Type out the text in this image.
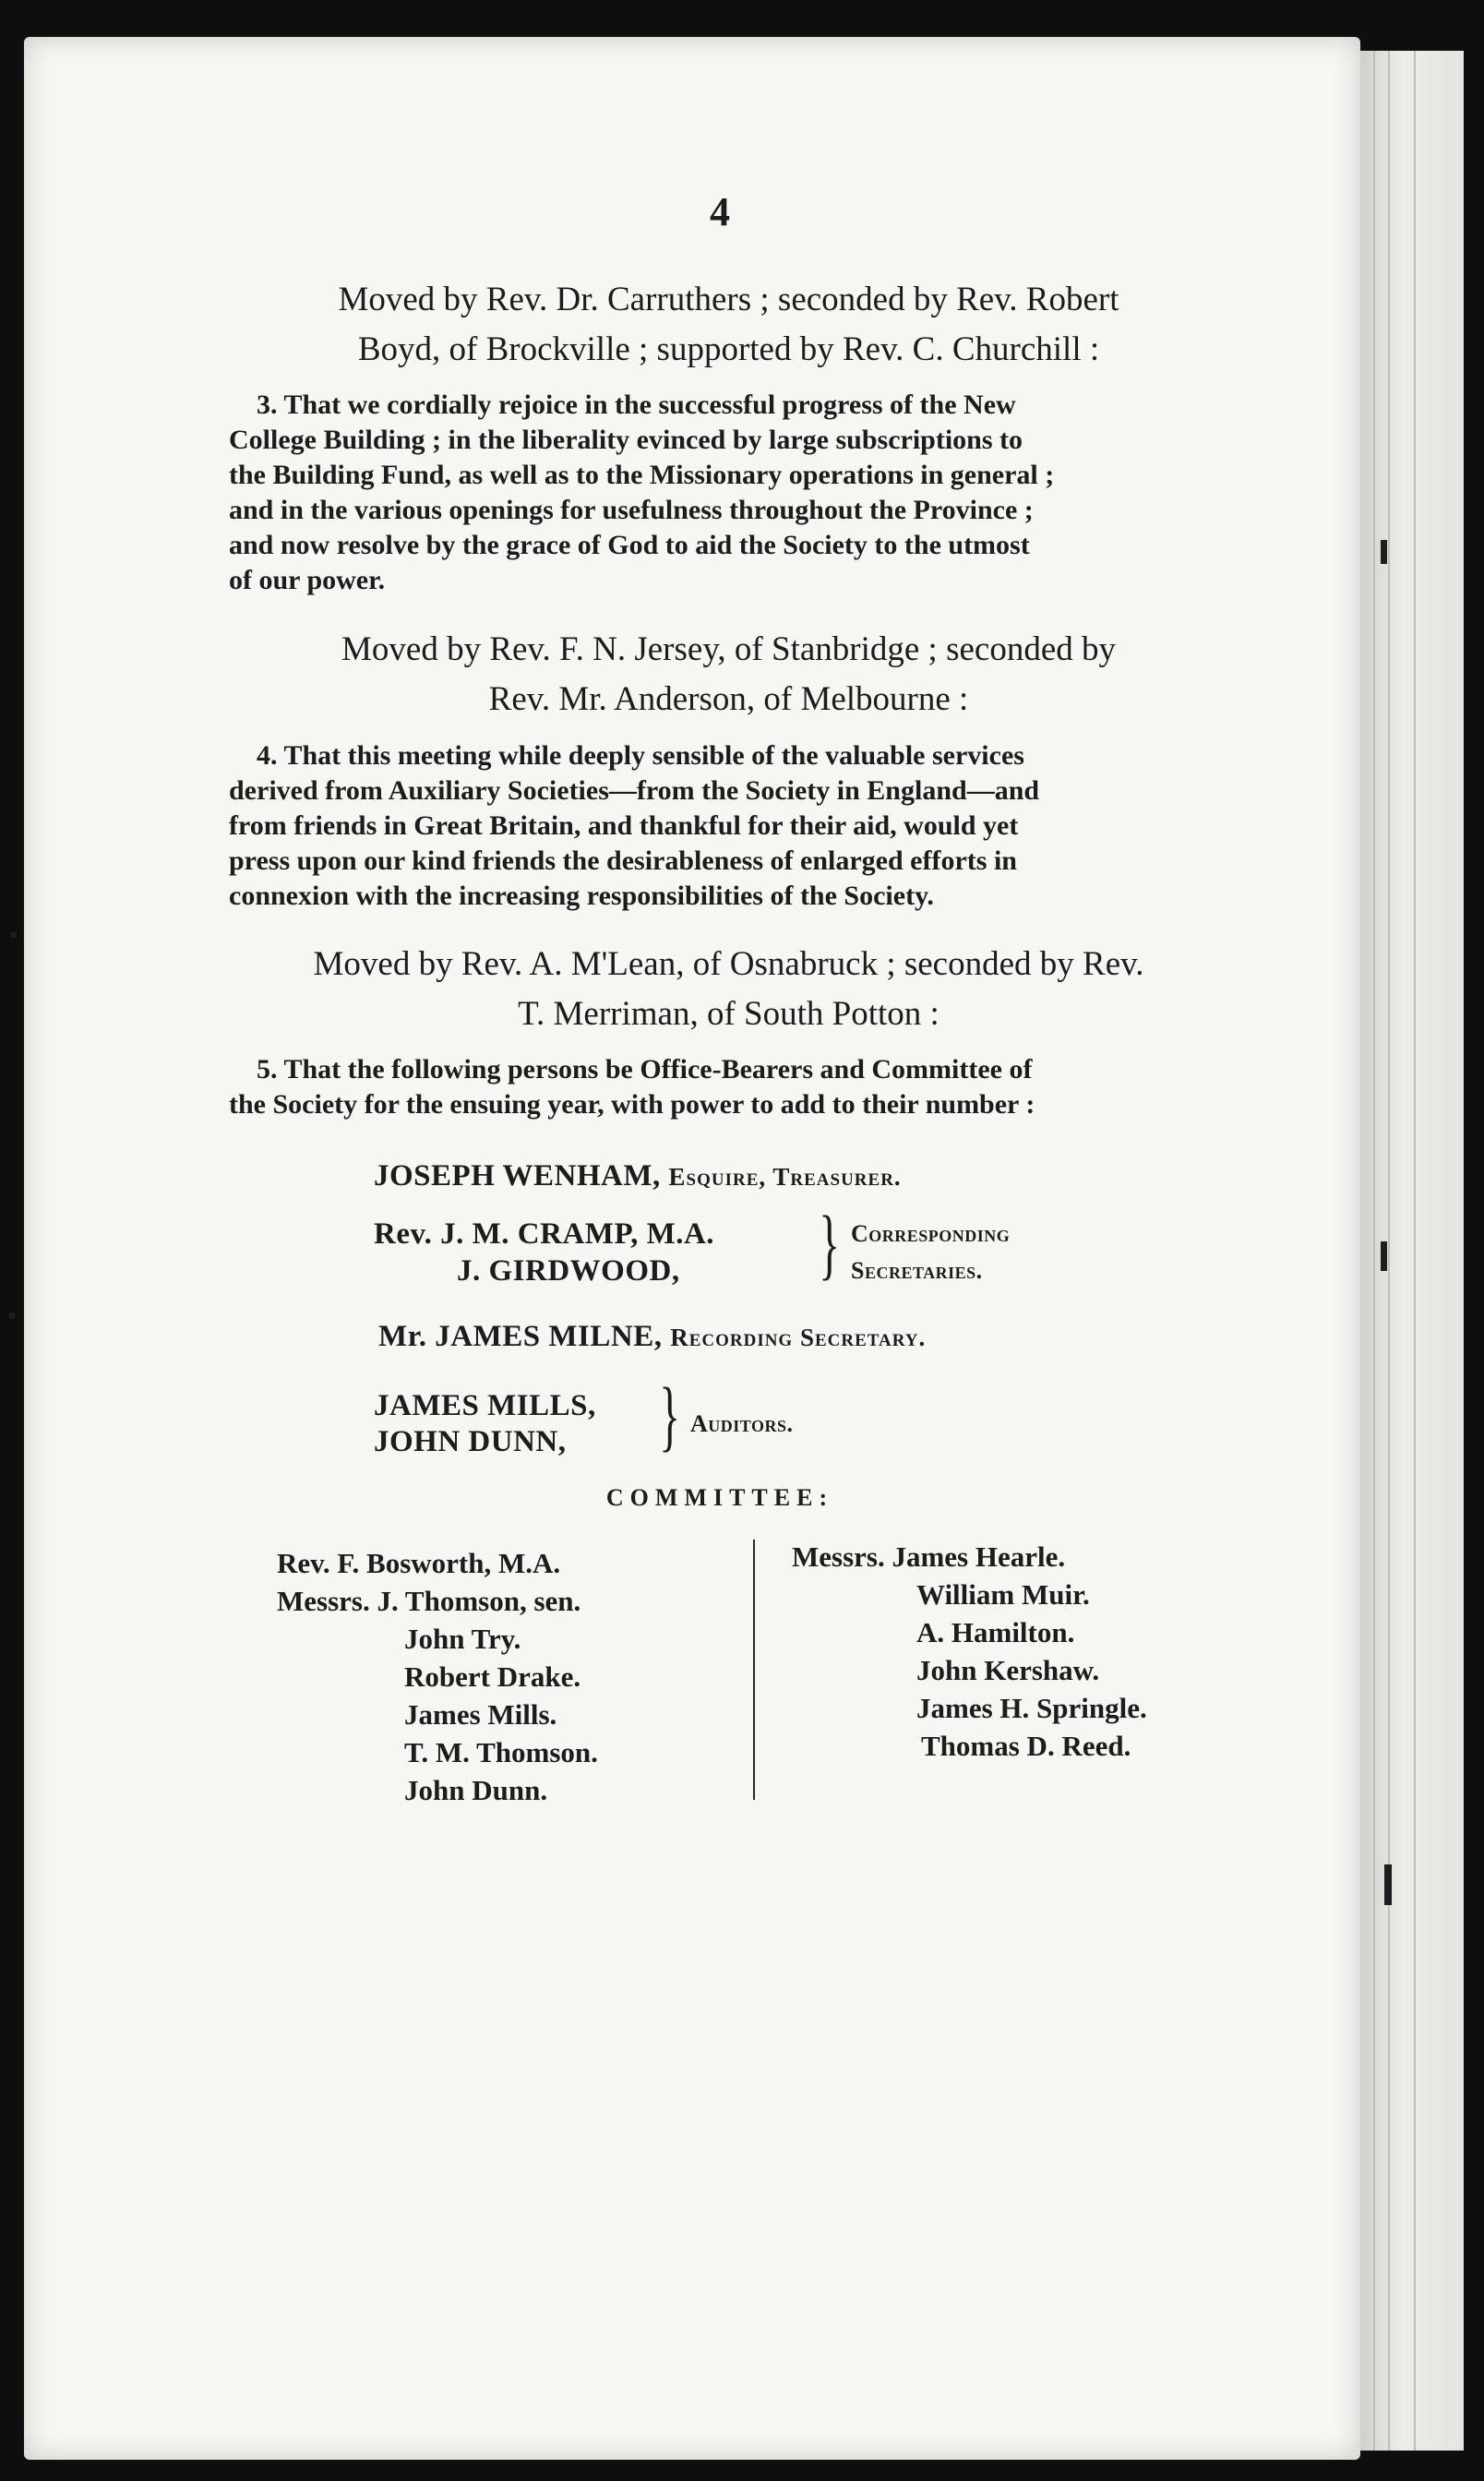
4
Moved by Rev. Dr. Carruthers ; seconded by Rev. Robert
Boyd, of Brockville ; supported by Rev. C. Churchill :
3. That we cordially rejoice in the successful progress of the New
College Building ; in the liberality evinced by large subscriptions to
the Building Fund, as well as to the Missionary operations in general ;
and in the various openings for usefulness throughout the Province ;
and now resolve by the grace of God to aid the Society to the utmost
of our power.
Moved by Rev. F. N. Jersey, of Stanbridge ; seconded by
Rev. Mr. Anderson, of Melbourne :
4. That this meeting while deeply sensible of the valuable services
derived from Auxiliary Societies—from the Society in England—and
from friends in Great Britain, and thankful for their aid, would yet
press upon our kind friends the desirableness of enlarged efforts in
connexion with the increasing responsibilities of the Society.
Moved by Rev. A. M'Lean, of Osnabruck ; seconded by Rev.
T. Merriman, of South Potton :
5. That the following persons be Office-Bearers and Committee of
the Society for the ensuing year, with power to add to their number :
JOSEPH WENHAM, Esquire, Treasurer.
Rev. J. M. CRAMP, M.A.
J. GIRDWOOD, } Corresponding
Secretaries.
Mr. JAMES MILNE, Recording Secretary.
JAMES MILLS,
JOHN DUNN, } Auditors.
COMMITTEE:
Rev. F. Bosworth, M.A.
Messrs. J. Thomson, sen.
John Try.
Robert Drake.
James Mills.
T. M. Thomson.
John Dunn.
Messrs. James Hearle.
William Muir.
A. Hamilton.
John Kershaw.
James H. Springle.
Thomas D. Reed.
